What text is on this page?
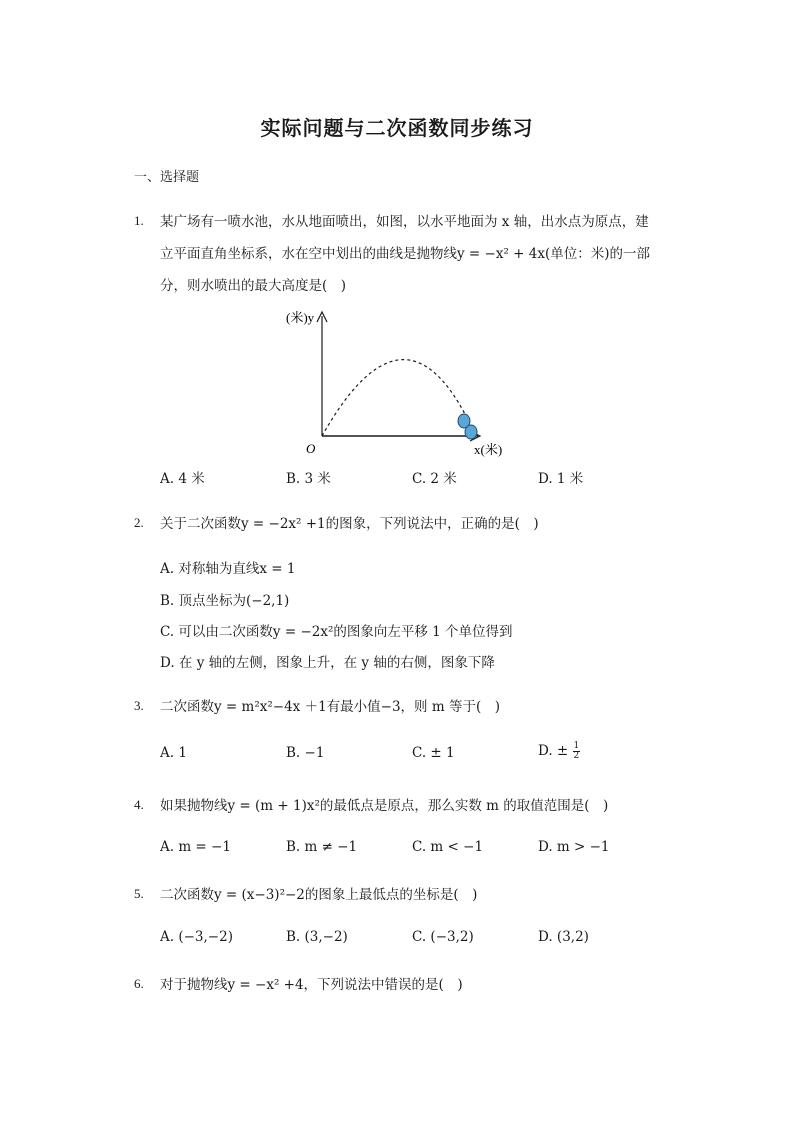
实际问题与二次函数同步练习
一、选择题
1. 某广场有一喷水池，水从地面喷出，如图，以水平地面为 x 轴，出水点为原点，建
立平面直角坐标系，水在空中划出的曲线是抛物线y = −x² + 4x(单位：米)的一部
分，则水喷出的最大高度是(　)
(米)y
O	x(米)
A. 4 米	B. 3 米	C. 2 米	D. 1 米
2. 关于二次函数y = −2x² +1的图象，下列说法中，正确的是(　)
A. 对称轴为直线x = 1
B. 顶点坐标为(−2,1)
C. 可以由二次函数y = −2x²的图象向左平移 1 个单位得到
D. 在 y 轴的左侧，图象上升，在 y 轴的右侧，图象下降
3. 二次函数y = m²x²−4x ＋1有最小值−3，则 m 等于(　)
A. 1	B. −1	C. ± 1	D. ± $\frac{1}{2}$
4. 如果抛物线y = (m + 1)x²的最低点是原点，那么实数 m 的取值范围是(　)
A. m = −1	B. m ≠ −1	C. m < −1	D. m > −1
5. 二次函数y = (x−3)²−2的图象上最低点的坐标是(　)
A. (−3,−2)	B. (3,−2)	C. (−3,2)	D. (3,2)
6. 对于抛物线y = −x² +4，下列说法中错误的是(　)
